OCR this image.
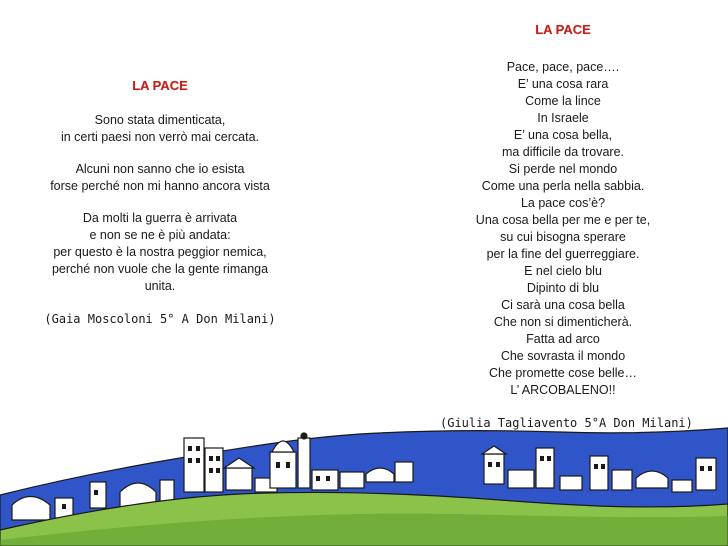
LA PACE
Sono stata dimenticata,
in certi paesi non verrò mai cercata.
Alcuni non sanno che io esista
forse perché non mi hanno ancora vista
Da molti la guerra è arrivata
e non se ne è più andata:
per questo è la nostra peggior nemica,
perché non vuole che la gente rimanga
unita.
(Gaia Moscoloni 5° A Don Milani)
LA PACE
Pace, pace, pace….
E’ una cosa rara
Come la lince
In Israele
E’ una cosa bella,
ma difficile da trovare.
Si perde nel mondo
Come una perla nella sabbia.
La pace cos’è?
Una cosa bella per me e per te,
su cui bisogna sperare
per la fine del guerreggiare.
E nel cielo blu
Dipinto di blu
Ci sarà una cosa bella
Che non si dimenticherà.
Fatta ad arco
Che sovrasta il mondo
Che promette cose belle…
L’ ARCOBALENO!!
(Giulia Tagliavento 5°A Don Milani)
